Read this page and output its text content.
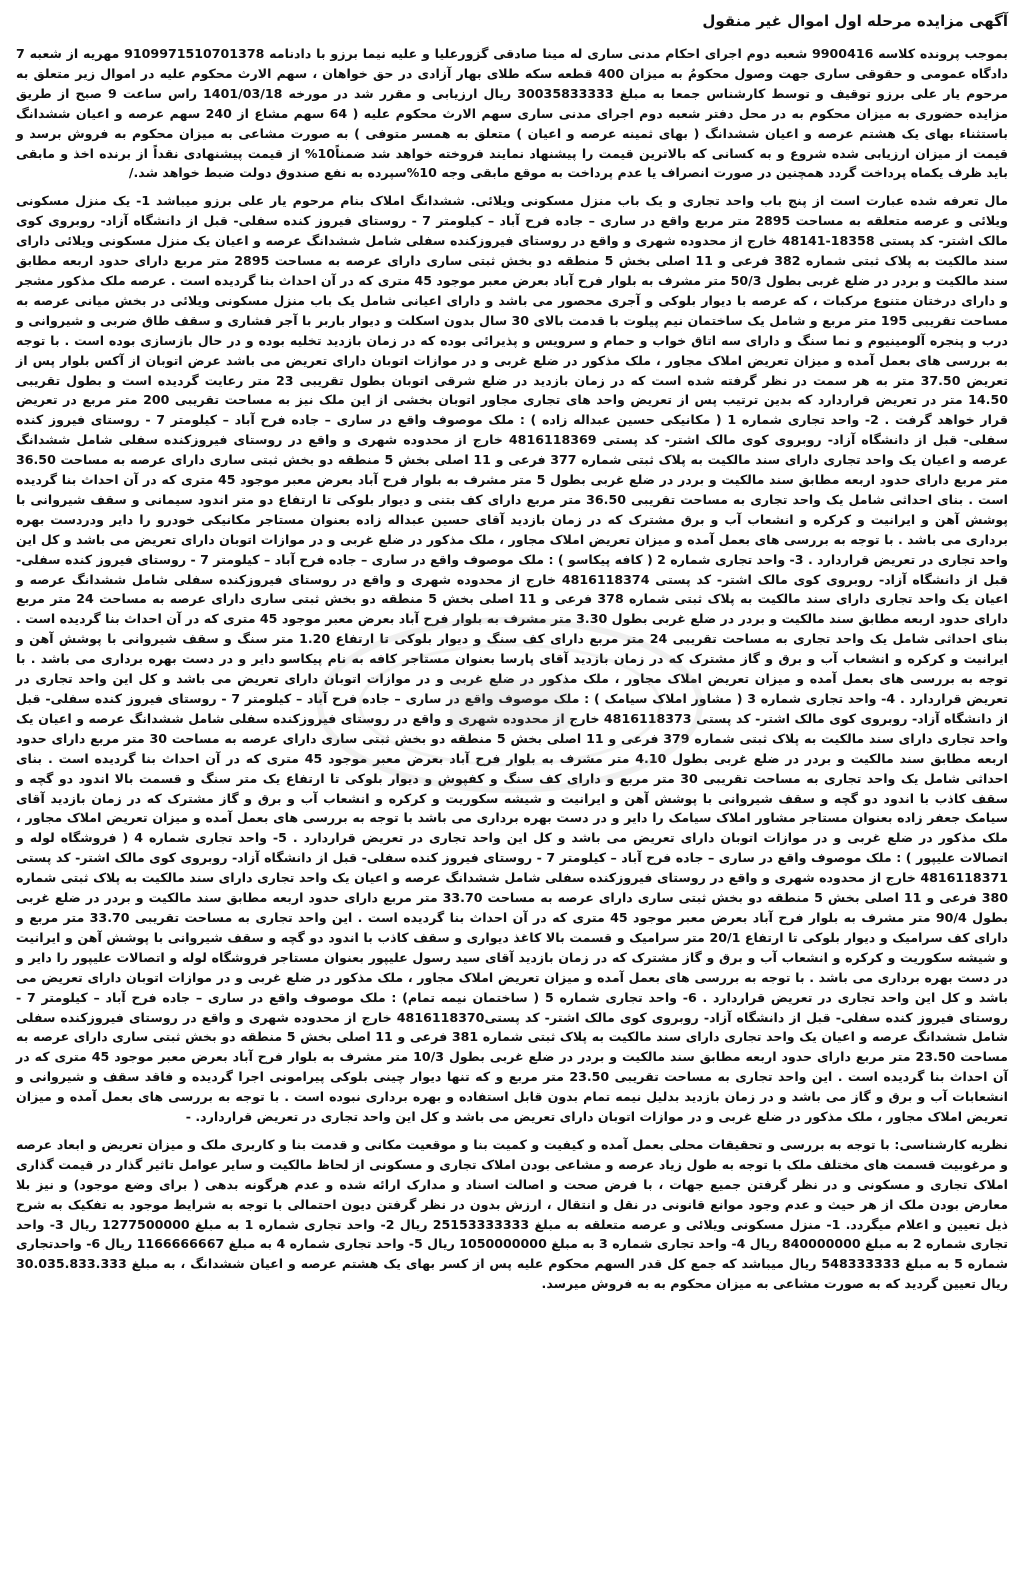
آگهی مزایده مرحله اول اموال غیر منقول

بموجب پرونده کلاسه 9900416 شعبه دوم اجرای احکام مدنی ساری له مینا صادقی گزورعلیا و علیه نیما برزو با دادنامه 9109971510701378 مهریه از شعبه 7 دادگاه عمومی و حقوقی ساری جهت وصول محکومُ به میزان 400 قطعه سکه طلای بهار آزادی در حق خواهان ، سهم الارث محکوم علیه در اموال زیر متعلق به مرحوم یار علی برزو توقیف و توسط کارشناس جمعا به مبلغ 30035833333 ریال ارزیابی و مقرر شد در مورخه 1401/03/18 راس ساعت 9 صبح از طریق مزایده حضوری به میزان محکوم به در محل دفتر شعبه دوم اجرای مدنی ساری سهم الارث محکوم علیه ( 64 سهم مشاع از 240 سهم عرصه و اعیان ششدانگ باستثناء بهای یک هشتم عرصه و اعیان ششدانگ ( بهای ثمینه عرصه و اعیان ) متعلق به همسر متوفی ) به صورت مشاعی به میزان محکوم به فروش برسد و قیمت از میزان ارزیابی شده شروع و به کسانی که بالاترین قیمت را پیشنهاد نمایند فروخته خواهد شد ضمناً10% از قیمت پیشنهادی نقداً از برنده اخذ و مابقی باید ظرف یکماه پرداخت گردد همچنین در صورت انصراف یا عدم پرداخت به موقع مابقی وجه 10%سپرده به نفع صندوق دولت ضبط خواهد شد./

مال تعرفه شده عبارت است از پنج باب واحد تجاری و یک باب منزل مسکونی ویلائی. ششدانگ املاک بنام مرحوم یار علی برزو میباشد 1- یک منزل مسکونی ویلائی و عرصه متعلقه به مساحت 2895 متر مربع واقع در ساری – جاده فرح آباد – کیلومتر 7 - روستای فیروز کنده سفلی- قبل از دانشگاه آزاد- روبروی کوی مالک اشتر- کد پستی 18358-48141 خارج از محدوده شهری و واقع در روستای فیروزکنده سفلی شامل ششدانگ عرصه و اعیان یک منزل مسکونی ویلائی دارای سند مالکیت به پلاک ثبتی شماره 382 فرعی و 11 اصلی بخش 5 منطقه دو بخش ثبتی ساری دارای عرصه به مساحت 2895 متر مربع دارای حدود اربعه مطابق سند مالکیت و بردر در ضلع غربی بطول 50/3 متر مشرف به بلوار فرح آباد بعرض معبر موجود 45 متری که در آن احداث بنا گردیده است . عرصه ملک مذکور مشجر و دارای درختان متنوع مرکبات ، که عرصه با دیوار بلوکی و آجری محصور می باشد و دارای اعیانی شامل یک باب منزل مسکونی ویلائی در بخش میانی عرصه به مساحت تقریبی 195 متر مربع و شامل یک ساختمان نیم پیلوت با قدمت بالای 30 سال بدون اسکلت و دیوار باربر با آجر فشاری و سقف طاق ضربی و شیروانی و درب و پنجره آلومینیوم و نما سنگ و دارای سه اتاق خواب و حمام و سرویس و پذیرائی بوده که در زمان بازدید تخلیه بوده و در حال بازسازی بوده است . با توجه به بررسی های بعمل آمده و میزان تعریض املاک مجاور ، ملک مذکور در ضلع غربی و در موازات اتوبان دارای تعریض می باشد عرض اتوبان از آکس بلوار پس از تعریض 37.50 متر به هر سمت در نظر گرفته شده است که در زمان بازدید در ضلع شرقی اتوبان بطول تقریبی 23 متر رعایت گردیده است و بطول تقریبی 14.50 متر در تعریض قراردارد که بدین ترتیب پس از تعریض واحد های تجاری مجاور اتوبان بخشی از این ملک نیز به مساحت تقریبی 200 متر مربع در تعریض قرار خواهد گرفت . 2- واحد تجاری شماره 1 ( مکانیکی حسین عبداله زاده ) : ملک موصوف واقع در ساری – جاده فرح آباد – کیلومتر 7 - روستای فیروز کنده سفلی- قبل از دانشگاه آزاد- روبروی کوی مالک اشتر- کد پستی 4816118369 خارج از محدوده شهری و واقع در روستای فیروزکنده سفلی شامل ششدانگ عرصه و اعیان یک واحد تجاری دارای سند مالکیت به پلاک ثبتی شماره 377 فرعی و 11 اصلی بخش 5 منطقه دو بخش ثبتی ساری دارای عرصه به مساحت 36.50 متر مربع دارای حدود اربعه مطابق سند مالکیت و بردر در ضلع غربی بطول 5 متر مشرف به بلوار فرح آباد بعرض معبر موجود 45 متری که در آن احداث بنا گردیده است . بنای احداثی شامل یک واحد تجاری به مساحت تقریبی 36.50 متر مربع دارای کف بتنی و دیوار بلوکی تا ارتفاع دو متر اندود سیمانی و سقف شیروانی با پوشش آهن و ایرانیت و کرکره و انشعاب آب و برق مشترک که در زمان بازدید آقای حسین عبداله زاده بعنوان مستاجر مکانیکی خودرو را دایر ودردست بهره برداری می باشد . با توجه به بررسی های بعمل آمده و میزان تعریض املاک مجاور ، ملک مذکور در ضلع غربی و در موازات اتوبان دارای تعریض می باشد و کل این واحد تجاری در تعریض قراردارد . 3- واحد تجاری شماره 2 ( کافه پیکاسو ) : ملک موصوف واقع در ساری – جاده فرح آباد – کیلومتر 7 - روستای فیروز کنده سفلی- قبل از دانشگاه آزاد- روبروی کوی مالک اشتر- کد پستی 4816118374 خارج از محدوده شهری و واقع در روستای فیروزکنده سفلی شامل ششدانگ عرصه و اعیان یک واحد تجاری دارای سند مالکیت به پلاک ثبتی شماره 378 فرعی و 11 اصلی بخش 5 منطقه دو بخش ثبتی ساری دارای عرصه به مساحت 24 متر مربع دارای حدود اربعه مطابق سند مالکیت و بردر در ضلع غربی بطول 3.30 متر مشرف به بلوار فرح آباد بعرض معبر موجود 45 متری که در آن احداث بنا گردیده است . بنای احداثی شامل یک واحد تجاری به مساحت تقریبی 24 متر مربع دارای کف سنگ و دیوار بلوکی تا ارتفاع 1.20 متر سنگ و سقف شیروانی با پوشش آهن و ایرانیت و کرکره و انشعاب آب و برق و گاز مشترک که در زمان بازدید آقای پارسا بعنوان مستاجر کافه به نام پیکاسو دایر و در دست بهره برداری می باشد . با توجه به بررسی های بعمل آمده و میزان تعریض املاک مجاور ، ملک مذکور در ضلع غربی و در موازات اتوبان دارای تعریض می باشد و کل این واحد تجاری در تعریض قراردارد . 4- واحد تجاری شماره 3 ( مشاور املاک سیامک ) : ملک موصوف واقع در ساری – جاده فرح آباد – کیلومتر 7 - روستای فیروز کنده سفلی- قبل از دانشگاه آزاد- روبروی کوی مالک اشتر- کد پستی 4816118373 خارج از محدوده شهری و واقع در روستای فیروزکنده سفلی شامل ششدانگ عرصه و اعیان یک واحد تجاری دارای سند مالکیت به پلاک ثبتی شماره 379 فرعی و 11 اصلی بخش 5 منطقه دو بخش ثبتی ساری دارای عرصه به مساحت 30 متر مربع دارای حدود اربعه مطابق سند مالکیت و بردر در ضلع غربی بطول 4.10 متر مشرف به بلوار فرح آباد بعرض معبر موجود 45 متری که در آن احداث بنا گردیده است . بنای احداثی شامل یک واحد تجاری به مساحت تقریبی 30 متر مربع و دارای کف سنگ و کفپوش و دیوار بلوکی تا ارتفاع یک متر سنگ و قسمت بالا اندود دو گچه و سقف کاذب با اندود دو گچه و سقف شیروانی با پوشش آهن و ایرانیت و شیشه سکوریت و کرکره و انشعاب آب و برق و گاز مشترک که در زمان بازدید آقای سیامک جعفر زاده بعنوان مستاجر مشاور املاک سیامک را دایر و در دست بهره برداری می باشد با توجه به بررسی های بعمل آمده و میزان تعریض املاک مجاور ، ملک مذکور در ضلع غربی و در موازات اتوبان دارای تعریض می باشد و کل این واحد تجاری در تعریض قراردارد . 5- واحد تجاری شماره 4 ( فروشگاه لوله و اتصالات علیپور ) : ملک موصوف واقع در ساری – جاده فرح آباد – کیلومتر 7 - روستای فیروز کنده سفلی- قبل از دانشگاه آزاد- روبروی کوی مالک اشتر- کد پستی 4816118371 خارج از محدوده شهری و واقع در روستای فیروزکنده سفلی شامل ششدانگ عرصه و اعیان یک واحد تجاری دارای سند مالکیت به پلاک ثبتی شماره 380 فرعی و 11 اصلی بخش 5 منطقه دو بخش ثبتی ساری دارای عرصه به مساحت 33.70 متر مربع دارای حدود اربعه مطابق سند مالکیت و بردر در ضلع غربی بطول 90/4 متر مشرف به بلوار فرح آباد بعرض معبر موجود 45 متری که در آن احداث بنا گردیده است . این واحد تجاری به مساحت تقریبی 33.70 متر مربع و دارای کف سرامیک و دیوار بلوکی تا ارتفاع 20/1 متر سرامیک و قسمت بالا کاغذ دیواری و سقف کاذب با اندود دو گچه و سقف شیروانی با پوشش آهن و ایرانیت و شیشه سکوریت و کرکره و انشعاب آب و برق و گاز مشترک که در زمان بازدید آقای سید رسول علیپور بعنوان مستاجر فروشگاه لوله و اتصالات علیپور را دایر و در دست بهره برداری می باشد . با توجه به بررسی های بعمل آمده و میزان تعریض املاک مجاور ، ملک مذکور در ضلع غربی و در موازات اتوبان دارای تعریض می باشد و کل این واحد تجاری در تعریض قراردارد . 6- واحد تجاری شماره 5 ( ساختمان نیمه تمام) : ملک موصوف واقع در ساری – جاده فرح آباد – کیلومتر 7 - روستای فیروز کنده سفلی- قبل از دانشگاه آزاد- روبروی کوی مالک اشتر- کد پستی4816118370 خارج از محدوده شهری و واقع در روستای فیروزکنده سفلی شامل ششدانگ عرصه و اعیان یک واحد تجاری دارای سند مالکیت به پلاک ثبتی شماره 381 فرعی و 11 اصلی بخش 5 منطقه دو بخش ثبتی ساری دارای عرصه به مساحت 23.50 متر مربع دارای حدود اربعه مطابق سند مالکیت و بردر در ضلع غربی بطول 10/3 متر مشرف به بلوار فرح آباد بعرض معبر موجود 45 متری که در آن احداث بنا گردیده است . این واحد تجاری به مساحت تقریبی 23.50 متر مربع و که تنها دیوار چینی بلوکی پیرامونی اجرا گردیده و فاقد سقف و شیروانی و انشعابات آب و برق و گاز می باشد و در زمان بازدید بدلیل نیمه تمام بدون قابل استفاده و بهره برداری نبوده است . با توجه به بررسی های بعمل آمده و میزان تعریض املاک مجاور ، ملک مذکور در ضلع غربی و در موازات اتوبان دارای تعریض می باشد و کل این واحد تجاری در تعریض قراردارد. -

نظریه کارشناسی: با توجه به بررسی و تحقیقات محلی بعمل آمده و کیفیت و کمیت بنا و موقعیت مکانی و قدمت بنا و کاربری ملک و میزان تعریض و ابعاد عرصه و مرغوبیت قسمت های مختلف ملک با توجه به طول زیاد عرصه و مشاعی بودن املاک تجاری و مسکونی از لحاظ مالکیت و سایر عوامل تاثیر گذار در قیمت گذاری املاک تجاری و مسکونی و در نظر گرفتن جمیع جهات ، با فرض صحت و اصالت اسناد و مدارک ارائه شده و عدم هرگونه بدهی ( برای وضع موجود) و نیز بلا معارض بودن ملک از هر حیث و عدم وجود موانع قانونی در نقل و انتقال ، ارزش بدون در نظر گرفتن دیون احتمالی با توجه به شرایط موجود به تفکیک به شرح ذیل تعیین و اعلام میگردد. 1- منزل مسکونی ویلائی و عرصه متعلقه به مبلغ 25153333333 ریال 2- واحد تجاری شماره 1 به مبلغ 1277500000 ریال 3- واحد تجاری شماره 2 به مبلغ 840000000 ریال 4- واحد تجاری شماره 3 به مبلغ 1050000000 ریال 5- واحد تجاری شماره 4 به مبلغ 1166666667 ریال 6- واحدتجاری شماره 5 به مبلغ 548333333 ریال میباشد که جمع کل قدر السهم محکوم علیه پس از کسر بهای یک هشتم عرصه و اعیان ششدانگ ، به مبلغ 30.035.833.333 ریال تعیین گردید که به صورت مشاعی به میزان محکوم به به فروش میرسد.
